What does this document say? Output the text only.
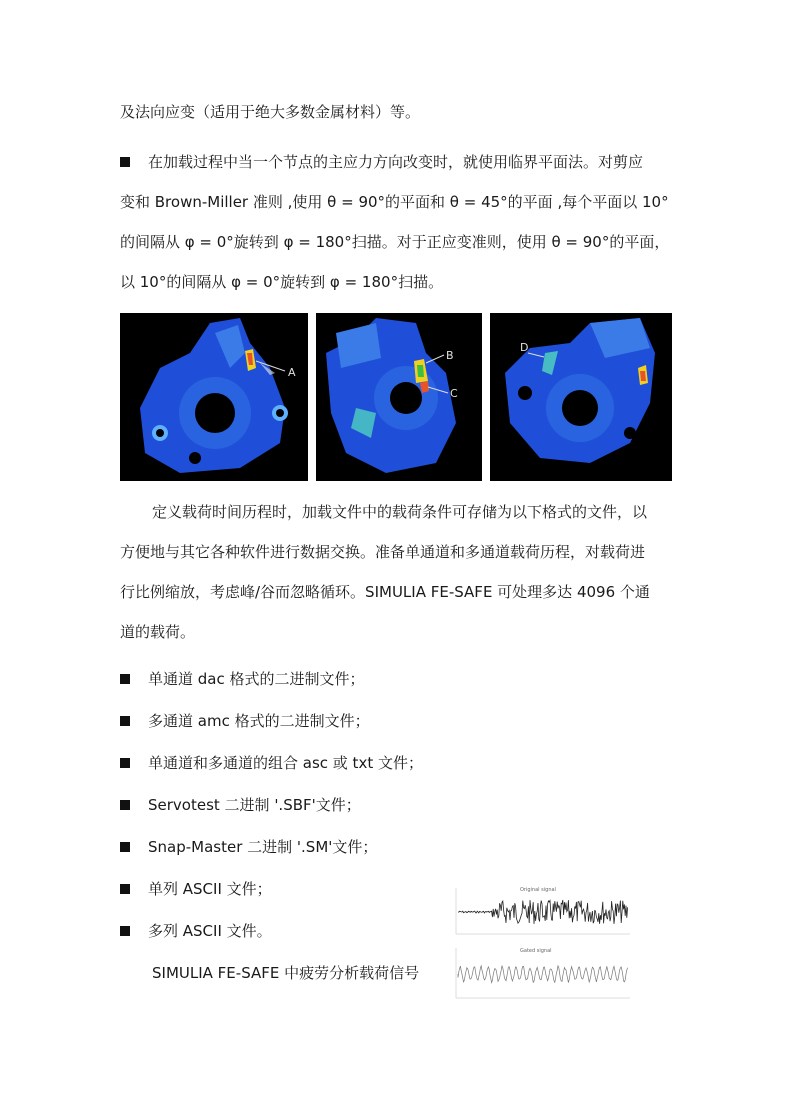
及法向应变（适用于绝大多数金属材料）等。
在加载过程中当一个节点的主应力方向改变时，就使用临界平面法。对剪应
变和 Brown-Miller 准则 ,使用 θ = 90°的平面和 θ = 45°的平面 ,每个平面以 10°
的间隔从 φ = 0°旋转到 φ = 180°扫描。对于正应变准则，使用 θ = 90°的平面，
以 10°的间隔从 φ = 0°旋转到 φ = 180°扫描。
A
B
C
D
定义载荷时间历程时，加载文件中的载荷条件可存储为以下格式的文件，以
方便地与其它各种软件进行数据交换。准备单通道和多通道载荷历程，对载荷进
行比例缩放，考虑峰/谷而忽略循环。SIMULIA FE-SAFE 可处理多达 4096 个通
道的载荷。
单通道 dac 格式的二进制文件；
多通道 amc 格式的二进制文件；
单通道和多通道的组合 asc 或 txt 文件；
Servotest 二进制 '.SBF'文件；
Snap-Master 二进制 '.SM'文件；
单列 ASCII 文件；
多列 ASCII 文件。
SIMULIA FE-SAFE 中疲劳分析载荷信号
Original signal
Gated signal
